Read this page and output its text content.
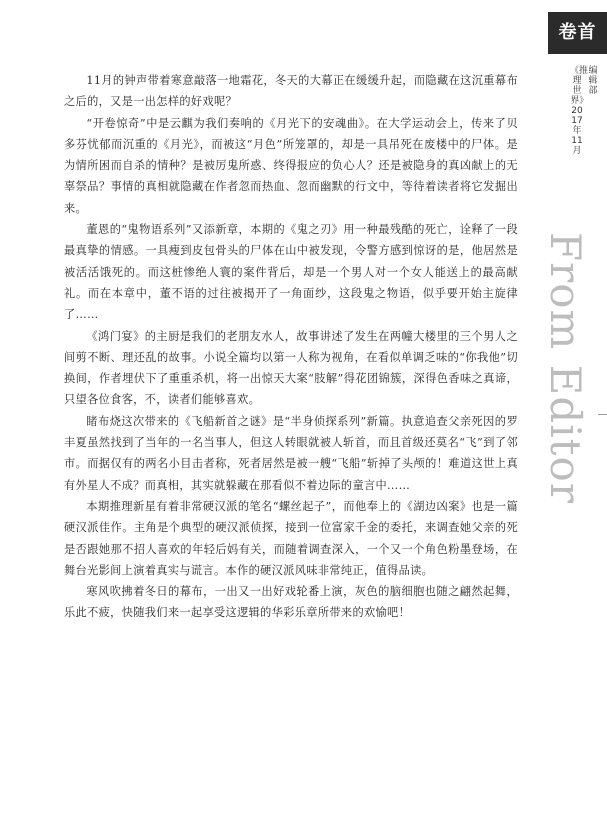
卷首
《推理世界》2017年11月
编辑部
From Editor

11月的钟声带着寒意敲落一地霜花，冬天的大幕正在缓缓升起，而隐藏在这沉重幕布之后的，又是一出怎样的好戏呢？

“开卷惊奇”中是云麒为我们奏响的《月光下的安魂曲》。在大学运动会上，传来了贝多芬忧郁而沉重的《月光》，而被这“月色”所笼罩的，却是一具吊死在废楼中的尸体。是为情所困而自杀的情种？是被厉鬼所惑、终得报应的负心人？还是被隐身的真凶献上的无辜祭品？事情的真相就隐藏在作者忽而热血、忽而幽默的行文中，等待着读者将它发掘出来。

董恩的“鬼物语系列”又添新章，本期的《鬼之刃》用一种最残酷的死亡，诠释了一段最真挚的情感。一具瘦到皮包骨头的尸体在山中被发现，令警方感到惊讶的是，他居然是被活活饿死的。而这桩惨绝人寰的案件背后，却是一个男人对一个女人能送上的最高献礼。而在本章中，董不语的过往被揭开了一角面纱，这段鬼之物语，似乎要开始主旋律了……

《鸿门宴》的主厨是我们的老朋友水人，故事讲述了发生在两幢大楼里的三个男人之间剪不断、理还乱的故事。小说全篇均以第一人称为视角，在看似单调乏味的“你我他”切换间，作者埋伏下了重重杀机，将一出惊天大案“肢解”得花团锦簇，深得色香味之真谛，只望各位食客，不，读者们能够喜欢。

睹布烧这次带来的《飞船新首之谜》是“半身侦探系列”新篇。执意追查父亲死因的罗丰夏虽然找到了当年的一名当事人，但这人转眼就被人斩首，而且首级还莫名“飞”到了邻市。而据仅有的两名小目击者称，死者居然是被一艘“飞船”斩掉了头颅的！难道这世上真有外星人不成？而真相，其实就躲藏在那看似不着边际的童言中……

本期推理新星有着非常硬汉派的笔名“螺丝起子”，而他奉上的《湖边凶案》也是一篇硬汉派佳作。主角是个典型的硬汉派侦探，接到一位富家千金的委托，来调查她父亲的死是否跟她那不招人喜欢的年轻后妈有关，而随着调查深入，一个又一个角色粉墨登场，在舞台光影间上演着真实与谎言。本作的硬汉派风味非常纯正，值得品读。

寒风吹拂着冬日的幕布，一出又一出好戏轮番上演，灰色的脑细胞也随之翩然起舞，乐此不疲，快随我们来一起享受这逻辑的华彩乐章所带来的欢愉吧！
